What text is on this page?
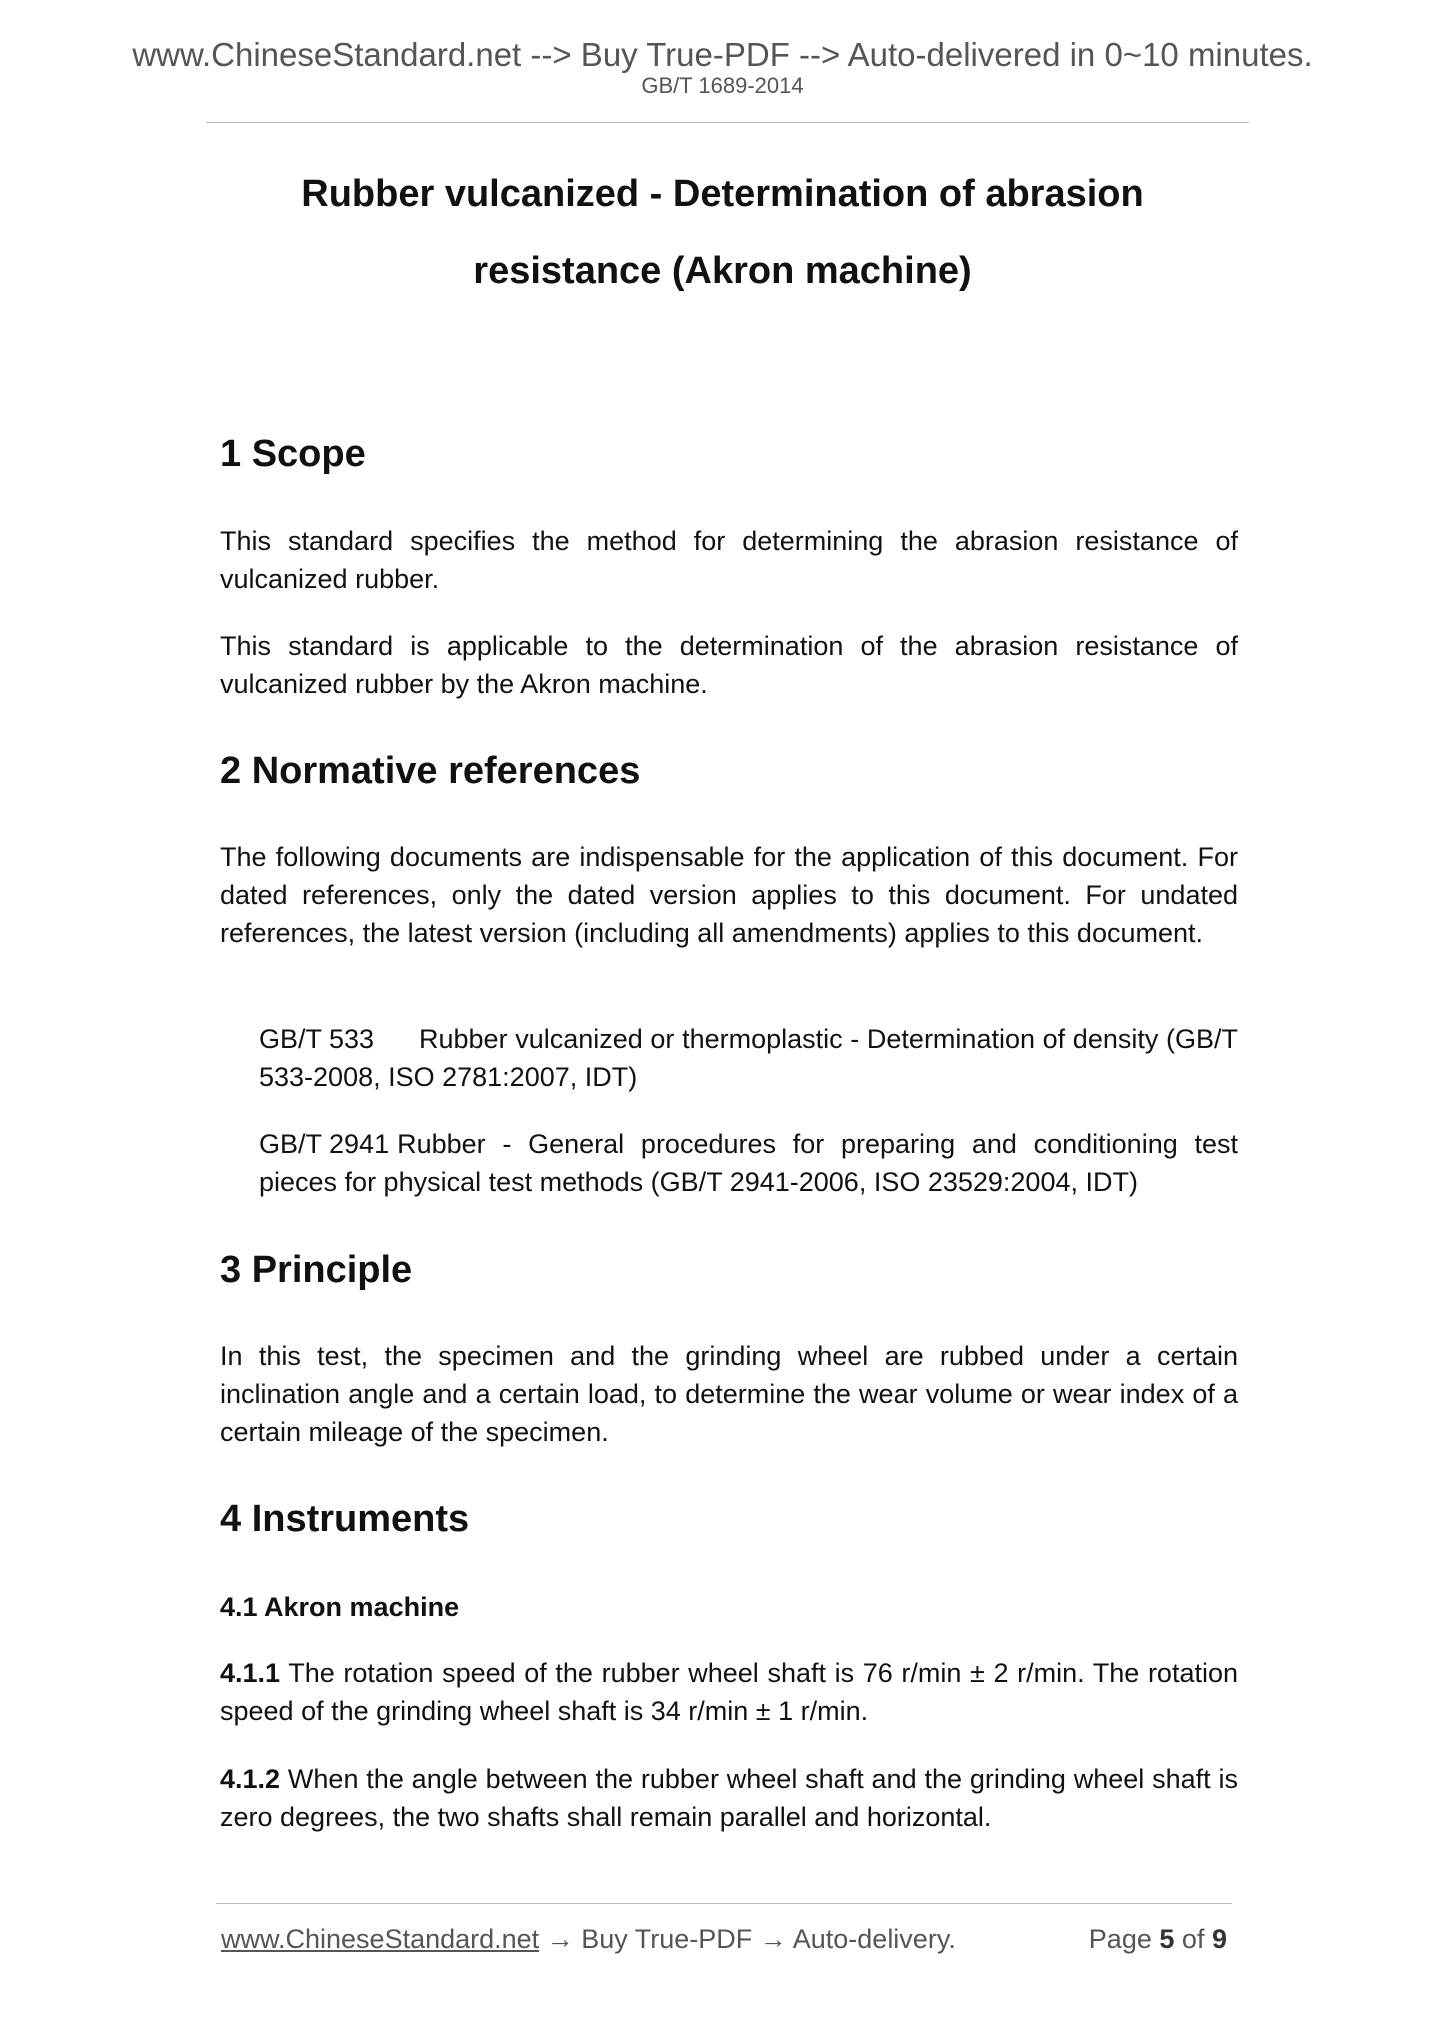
www.ChineseStandard.net --> Buy True-PDF --> Auto-delivered in 0~10 minutes.
GB/T 1689-2014
Rubber vulcanized - Determination of abrasion
resistance (Akron machine)
1 Scope

This standard specifies the method for determining the abrasion resistance of vulcanized rubber.

This standard is applicable to the determination of the abrasion resistance of vulcanized rubber by the Akron machine.

2 Normative references

The following documents are indispensable for the application of this document. For dated references, only the dated version applies to this document. For undated references, the latest version (including all amendments) applies to this document.

GB/T 533 Rubber vulcanized or thermoplastic - Determination of density (GB/T 533-2008, ISO 2781:2007, IDT)

GB/T 2941 Rubber - General procedures for preparing and conditioning test pieces for physical test methods (GB/T 2941-2006, ISO 23529:2004, IDT)

3 Principle

In this test, the specimen and the grinding wheel are rubbed under a certain inclination angle and a certain load, to determine the wear volume or wear index of a certain mileage of the specimen.

4 Instruments
4.1 Akron machine

4.1.1 The rotation speed of the rubber wheel shaft is 76 r/min ± 2 r/min. The rotation speed of the grinding wheel shaft is 34 r/min ± 1 r/min.

4.1.2 When the angle between the rubber wheel shaft and the grinding wheel shaft is zero degrees, the two shafts shall remain parallel and horizontal.

www.ChineseStandard.net → Buy True-PDF → Auto-delivery.	Page 5 of 9
